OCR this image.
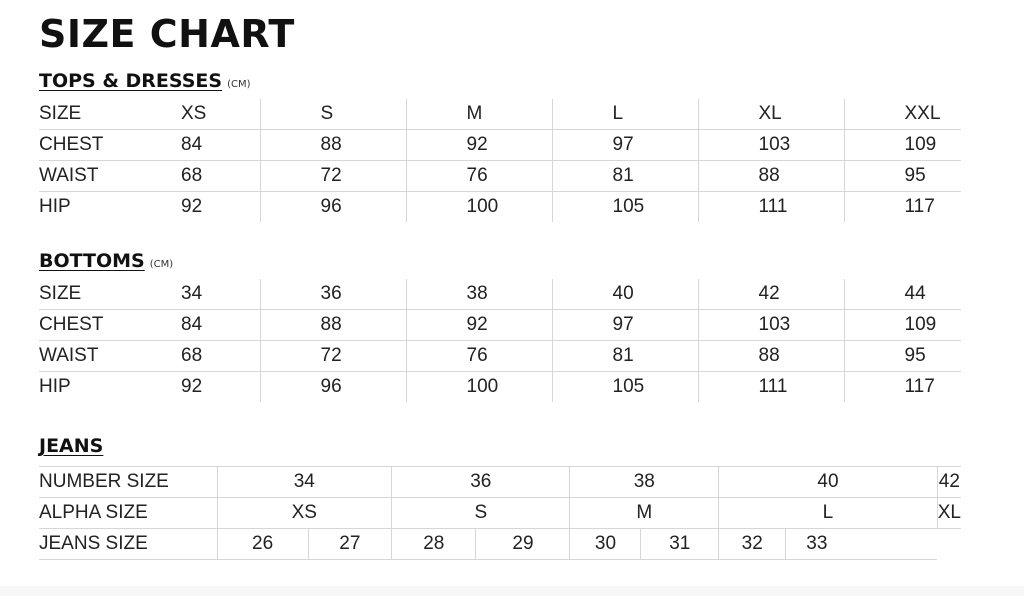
SIZE CHART
TOPS & DRESSES (CM)
SIZE	XS	S	M	L	XL	XXL
CHEST	84	88	92	97	103	109
WAIST	68	72	76	81	88	95
HIP	92	96	100	105	111	117
BOTTOMS (CM)
SIZE	34	36	38	40	42	44
CHEST	84	88	92	97	103	109
WAIST	68	72	76	81	88	95
HIP	92	96	100	105	111	117
JEANS
NUMBER SIZE	34		36		38		40		42
ALPHA SIZE	XS		S		M		L		XL
JEANS SIZE	26	27	28	29	30	31	32	33	
